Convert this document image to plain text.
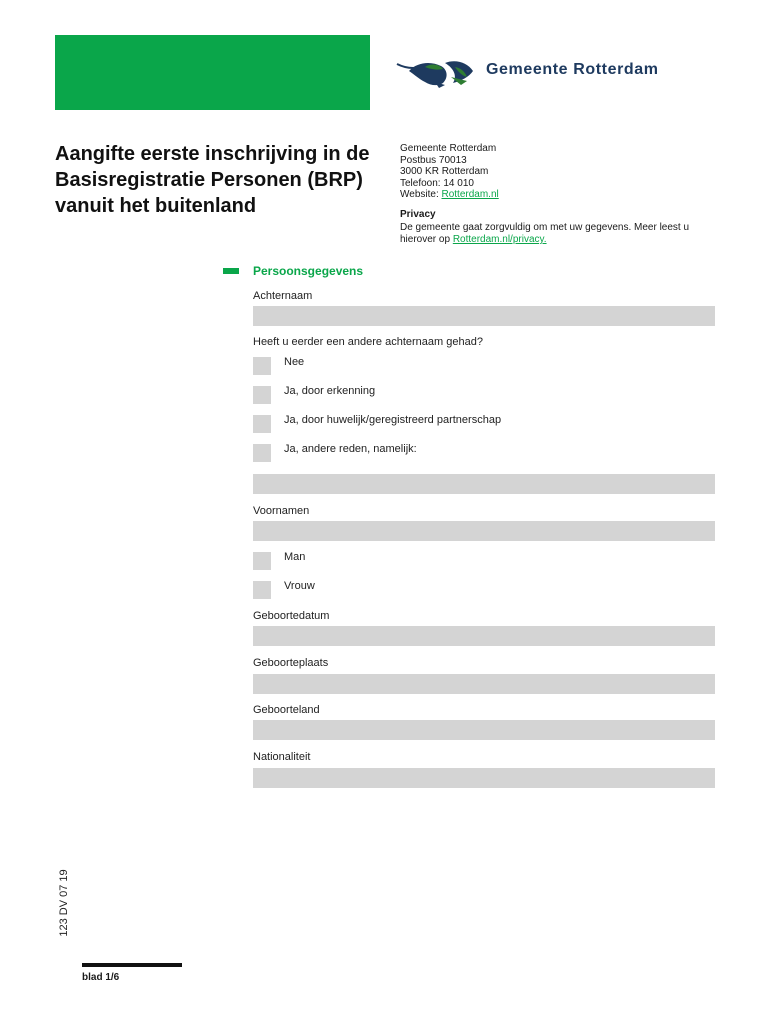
Gemeente Rotterdam
Aangifte eerste inschrijving in de Basisregistratie Personen (BRP) vanuit het buitenland
Gemeente Rotterdam
Postbus 70013
3000 KR Rotterdam
Telefoon: 14 010
Website: Rotterdam.nl
Privacy
De gemeente gaat zorgvuldig om met uw gegevens. Meer leest u hierover op Rotterdam.nl/privacy.
Persoonsgegevens
Achternaam
Heeft u eerder een andere achternaam gehad?
Nee
Ja, door erkenning
Ja, door huwelijk/geregistreerd partnerschap
Ja, andere reden, namelijk:
Voornamen
Man
Vrouw
Geboortedatum
Geboorteplaats
Geboorteland
Nationaliteit
123 DV 07 19
blad 1/6
